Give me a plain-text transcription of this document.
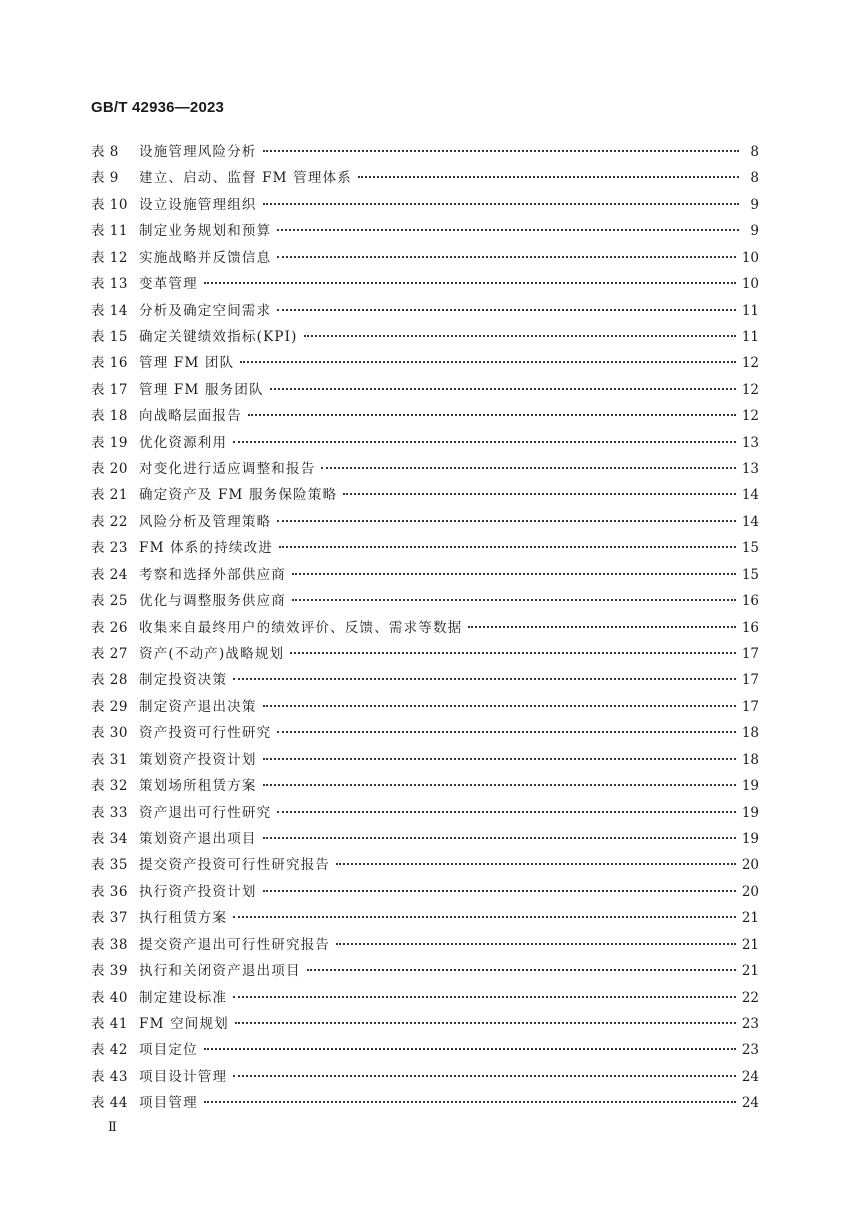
GB/T 42936—2023
表 8	设施管理风险分析	8
表 9	建立、启动、监督 FM 管理体系	8
表 10 设立设施管理组织	9
表 11 制定业务规划和预算	9
表 12 实施战略并反馈信息	10
表 13 变革管理	10
表 14 分析及确定空间需求	11
表 15 确定关键绩效指标(KPI)	11
表 16 管理 FM 团队	12
表 17 管理 FM 服务团队	12
表 18 向战略层面报告	12
表 19 优化资源利用	13
表 20 对变化进行适应调整和报告	13
表 21 确定资产及 FM 服务保险策略	14
表 22 风险分析及管理策略	14
表 23 FM 体系的持续改进	15
表 24 考察和选择外部供应商	15
表 25 优化与调整服务供应商	16
表 26 收集来自最终用户的绩效评价、反馈、需求等数据	16
表 27 资产(不动产)战略规划	17
表 28 制定投资决策	17
表 29 制定资产退出决策	17
表 30 资产投资可行性研究	18
表 31 策划资产投资计划	18
表 32 策划场所租赁方案	19
表 33 资产退出可行性研究	19
表 34 策划资产退出项目	19
表 35 提交资产投资可行性研究报告	20
表 36 执行资产投资计划	20
表 37 执行租赁方案	21
表 38 提交资产退出可行性研究报告	21
表 39 执行和关闭资产退出项目	21
表 40 制定建设标准	22
表 41 FM 空间规划	23
表 42 项目定位	23
表 43 项目设计管理	24
表 44 项目管理	24
Ⅱ
